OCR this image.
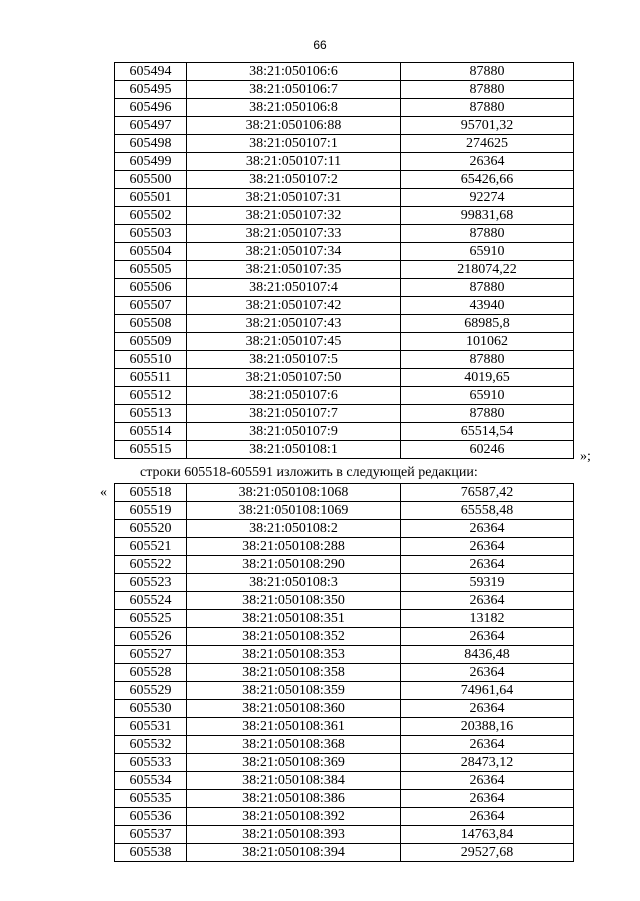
66
605494	38:21:050106:6	87880
605495	38:21:050106:7	87880
605496	38:21:050106:8	87880
605497	38:21:050106:88	95701,32
605498	38:21:050107:1	274625
605499	38:21:050107:11	26364
605500	38:21:050107:2	65426,66
605501	38:21:050107:31	92274
605502	38:21:050107:32	99831,68
605503	38:21:050107:33	87880
605504	38:21:050107:34	65910
605505	38:21:050107:35	218074,22
605506	38:21:050107:4	87880
605507	38:21:050107:42	43940
605508	38:21:050107:43	68985,8
605509	38:21:050107:45	101062
605510	38:21:050107:5	87880
605511	38:21:050107:50	4019,65
605512	38:21:050107:6	65910
605513	38:21:050107:7	87880
605514	38:21:050107:9	65514,54
605515	38:21:050108:1	60246	»;
строки 605518-605591 изложить в следующей редакции:
« 605518	38:21:050108:1068	76587,42
605519	38:21:050108:1069	65558,48
605520	38:21:050108:2	26364
605521	38:21:050108:288	26364
605522	38:21:050108:290	26364
605523	38:21:050108:3	59319
605524	38:21:050108:350	26364
605525	38:21:050108:351	13182
605526	38:21:050108:352	26364
605527	38:21:050108:353	8436,48
605528	38:21:050108:358	26364
605529	38:21:050108:359	74961,64
605530	38:21:050108:360	26364
605531	38:21:050108:361	20388,16
605532	38:21:050108:368	26364
605533	38:21:050108:369	28473,12
605534	38:21:050108:384	26364
605535	38:21:050108:386	26364
605536	38:21:050108:392	26364
605537	38:21:050108:393	14763,84
605538	38:21:050108:394	29527,68
